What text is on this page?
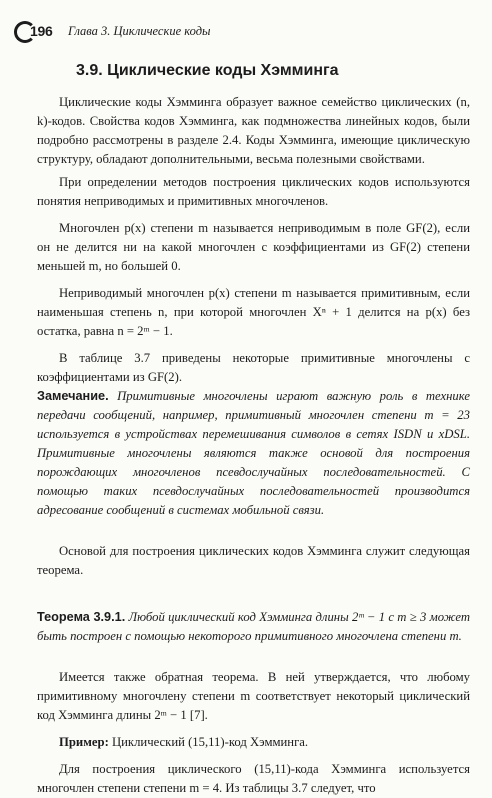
196 Глава 3. Циклические коды
3.9. Циклические коды Хэмминга

Циклические коды Хэмминга образует важное семейство циклических (n, k)-кодов. Свойства кодов Хэмминга, как подмножества линейных кодов, были подробно рассмотрены в разделе 2.4. Коды Хэмминга, имеющие циклическую структуру, обладают дополнительными, весьма полезными свойствами.

При определении методов построения циклических кодов используются понятия неприводимых и примитивных многочленов.

Многочлен p(x) степени m называется неприводимым в поле GF(2), если он не делится ни на какой многочлен с коэффициентами из GF(2) степени меньшей m, но большей 0.

Неприводимый многочлен p(x) степени m называется примитивным, если наименьшая степень n, при которой многочлен Xⁿ + 1 делится на p(x) без остатка, равна n = 2ᵐ − 1.

В таблице 3.7 приведены некоторые примитивные многочлены с коэффициентами из GF(2).

Замечание. Примитивные многочлены играют важную роль в технике передачи сообщений, например, примитивный многочлен степени m = 23 используется в устройствах перемешивания символов в сетях ISDN и xDSL. Примитивные многочлены являются также основой для построения порождающих многочленов псевдослучайных последовательностей. С помощью таких псевдослучайных последовательностей производится адресование сообщений в системах мобильной связи.

Основой для построения циклических кодов Хэмминга служит следующая теорема.

Теорема 3.9.1. Любой циклический код Хэмминга длины 2ᵐ − 1 с m ≥ 3 может быть построен с помощью некоторого примитивного многочлена степени m.

Имеется также обратная теорема. В ней утверждается, что любому примитивному многочлену степени m соответствует некоторый циклический код Хэмминга длины 2ᵐ − 1 [7].

Пример: Циклический (15,11)-код Хэмминга.

Для построения циклического (15,11)-кода Хэмминга используется многочлен степени степени m = 4. Из таблицы 3.7 следует, что
